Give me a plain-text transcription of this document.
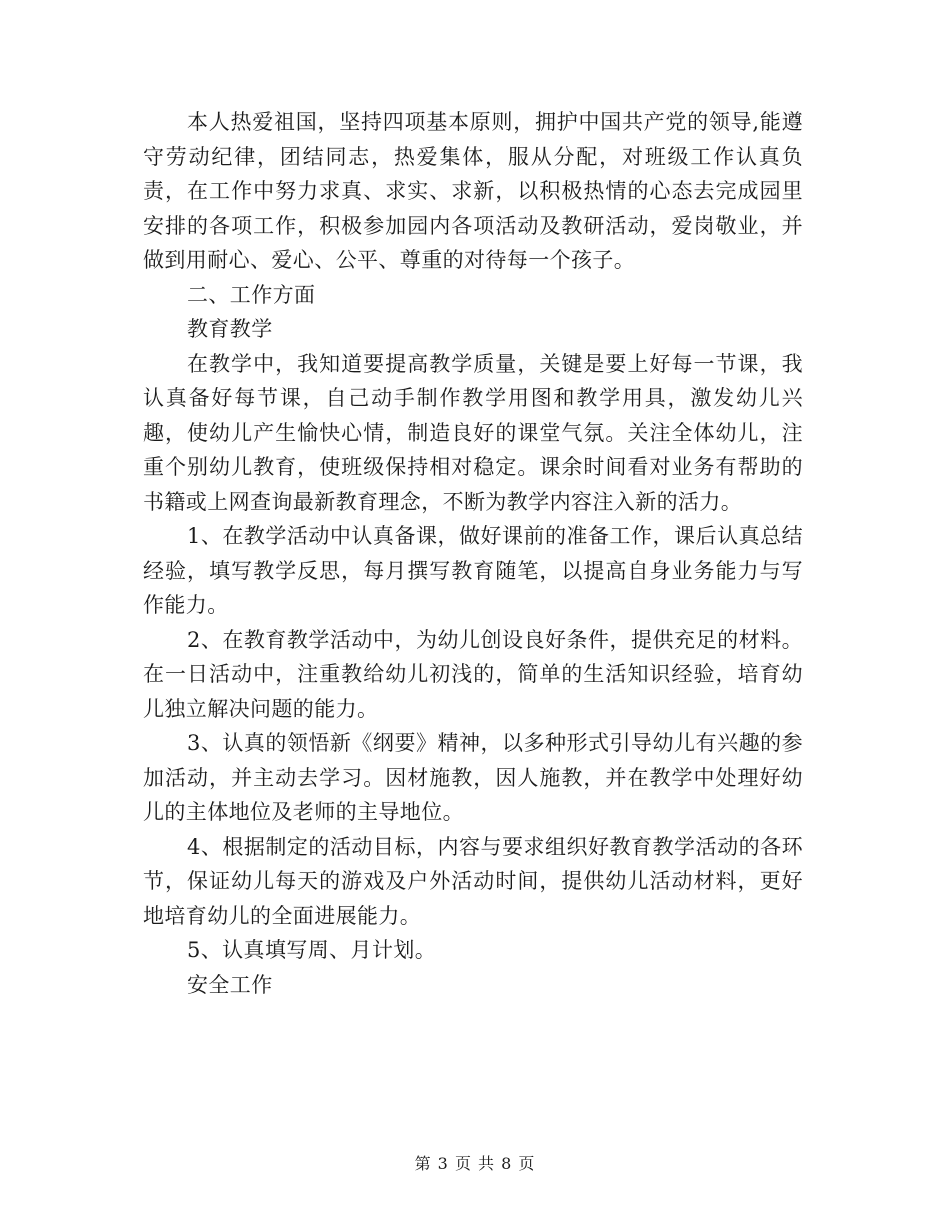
本人热爱祖国，坚持四项基本原则，拥护中国共产党的领导,能遵守劳动纪律，团结同志，热爱集体，服从分配，对班级工作认真负责，在工作中努力求真、求实、求新，以积极热情的心态去完成园里安排的各项工作，积极参加园内各项活动及教研活动，爱岗敬业，并做到用耐心、爱心、公平、尊重的对待每一个孩子。

二、工作方面

教育教学

在教学中，我知道要提高教学质量，关键是要上好每一节课，我认真备好每节课，自己动手制作教学用图和教学用具，激发幼儿兴趣，使幼儿产生愉快心情，制造良好的课堂气氛。关注全体幼儿，注重个别幼儿教育，使班级保持相对稳定。课余时间看对业务有帮助的书籍或上网查询最新教育理念，不断为教学内容注入新的活力。

1、在教学活动中认真备课，做好课前的准备工作，课后认真总结经验，填写教学反思，每月撰写教育随笔，以提高自身业务能力与写作能力。

2、在教育教学活动中，为幼儿创设良好条件，提供充足的材料。在一日活动中，注重教给幼儿初浅的，简单的生活知识经验，培育幼儿独立解决问题的能力。

3、认真的领悟新《纲要》精神，以多种形式引导幼儿有兴趣的参加活动，并主动去学习。因材施教，因人施教，并在教学中处理好幼儿的主体地位及老师的主导地位。

4、根据制定的活动目标，内容与要求组织好教育教学活动的各环节，保证幼儿每天的游戏及户外活动时间，提供幼儿活动材料，更好地培育幼儿的全面进展能力。

5、认真填写周、月计划。

安全工作

第 3 页 共 8 页
